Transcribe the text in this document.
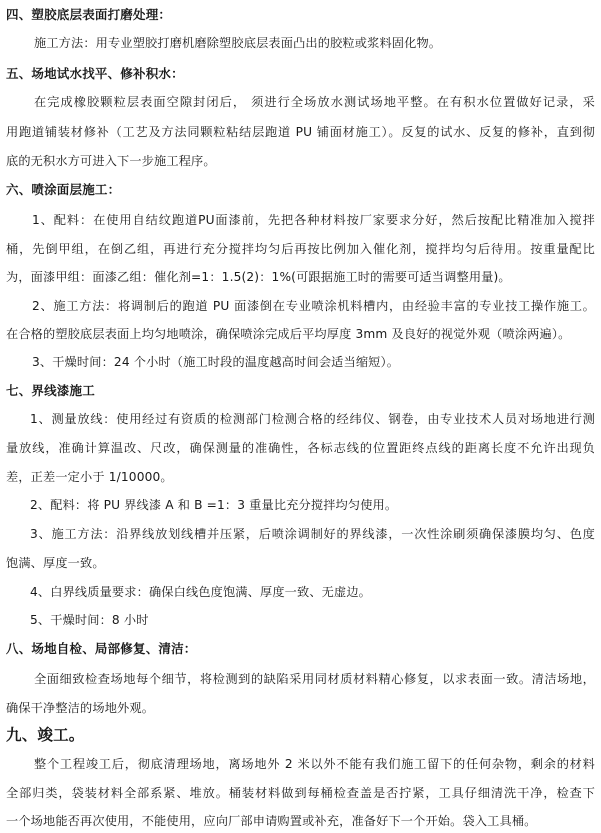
四、塑胶底层表面打磨处理：
施工方法：用专业塑胶打磨机磨除塑胶底层表面凸出的胶粒或浆料固化物。
五、场地试水找平、修补积水：
在完成橡胶颗粒层表面空隙封闭后， 须进行全场放水测试场地平整。在有积水位置做好记录，采
用跑道铺装材修补（工艺及方法同颗粒粘结层跑道 PU 铺面材施工）。反复的试水、反复的修补，直到彻
底的无积水方可进入下一步施工程序。
六、喷涂面层施工：
1、配料：在使用自结纹跑道PU面漆前，先把各种材料按厂家要求分好，然后按配比精准加入搅拌
桶，先倒甲组，在倒乙组，再进行充分搅拌均匀后再按比例加入催化剂，搅拌均匀后待用。按重量配比
为，面漆甲组：面漆乙组：催化剂=1：1.5(2)：1%(可跟据施工时的需要可适当调整用量)。
2、施工方法：将调制后的跑道 PU 面漆倒在专业喷涂机料槽内，由经验丰富的专业技工操作施工。
在合格的塑胶底层表面上均匀地喷涂，确保喷涂完成后平均厚度 3mm 及良好的视觉外观（喷涂两遍）。
3、干燥时间：24 个小时（施工时段的温度越高时间会适当缩短）。
七、界线漆施工
1、测量放线：使用经过有资质的检测部门检测合格的经纬仪、钢卷，由专业技术人员对场地进行测
量放线，准确计算温改、尺改，确保测量的准确性，各标志线的位置距终点线的距离长度不允许出现负
差，正差一定小于 1/10000。
2、配料：将 PU 界线漆 A 和 B =1：3 重量比充分搅拌均匀使用。
3、施工方法：沿界线放划线槽并压紧，后喷涂调制好的界线漆，一次性涂刷须确保漆膜均匀、色度
饱满、厚度一致。
4、白界线质量要求：确保白线色度饱满、厚度一致、无虚边。
5、干燥时间：8 小时
八、场地自检、局部修复、清洁：
全面细致检查场地每个细节，将检测到的缺陷采用同材质材料精心修复，以求表面一致。清洁场地，
确保干净整洁的场地外观。
九、竣工。
整个工程竣工后，彻底清理场地，离场地外 2 米以外不能有我们施工留下的任何杂物，剩余的材料
全部归类，袋装材料全部系紧、堆放。桶装材料做到每桶检查盖是否拧紧，工具仔细清洗干净，检查下
一个场地能否再次使用，不能使用，应向厂部申请购置或补充，准备好下一个开始。袋入工具桶。
